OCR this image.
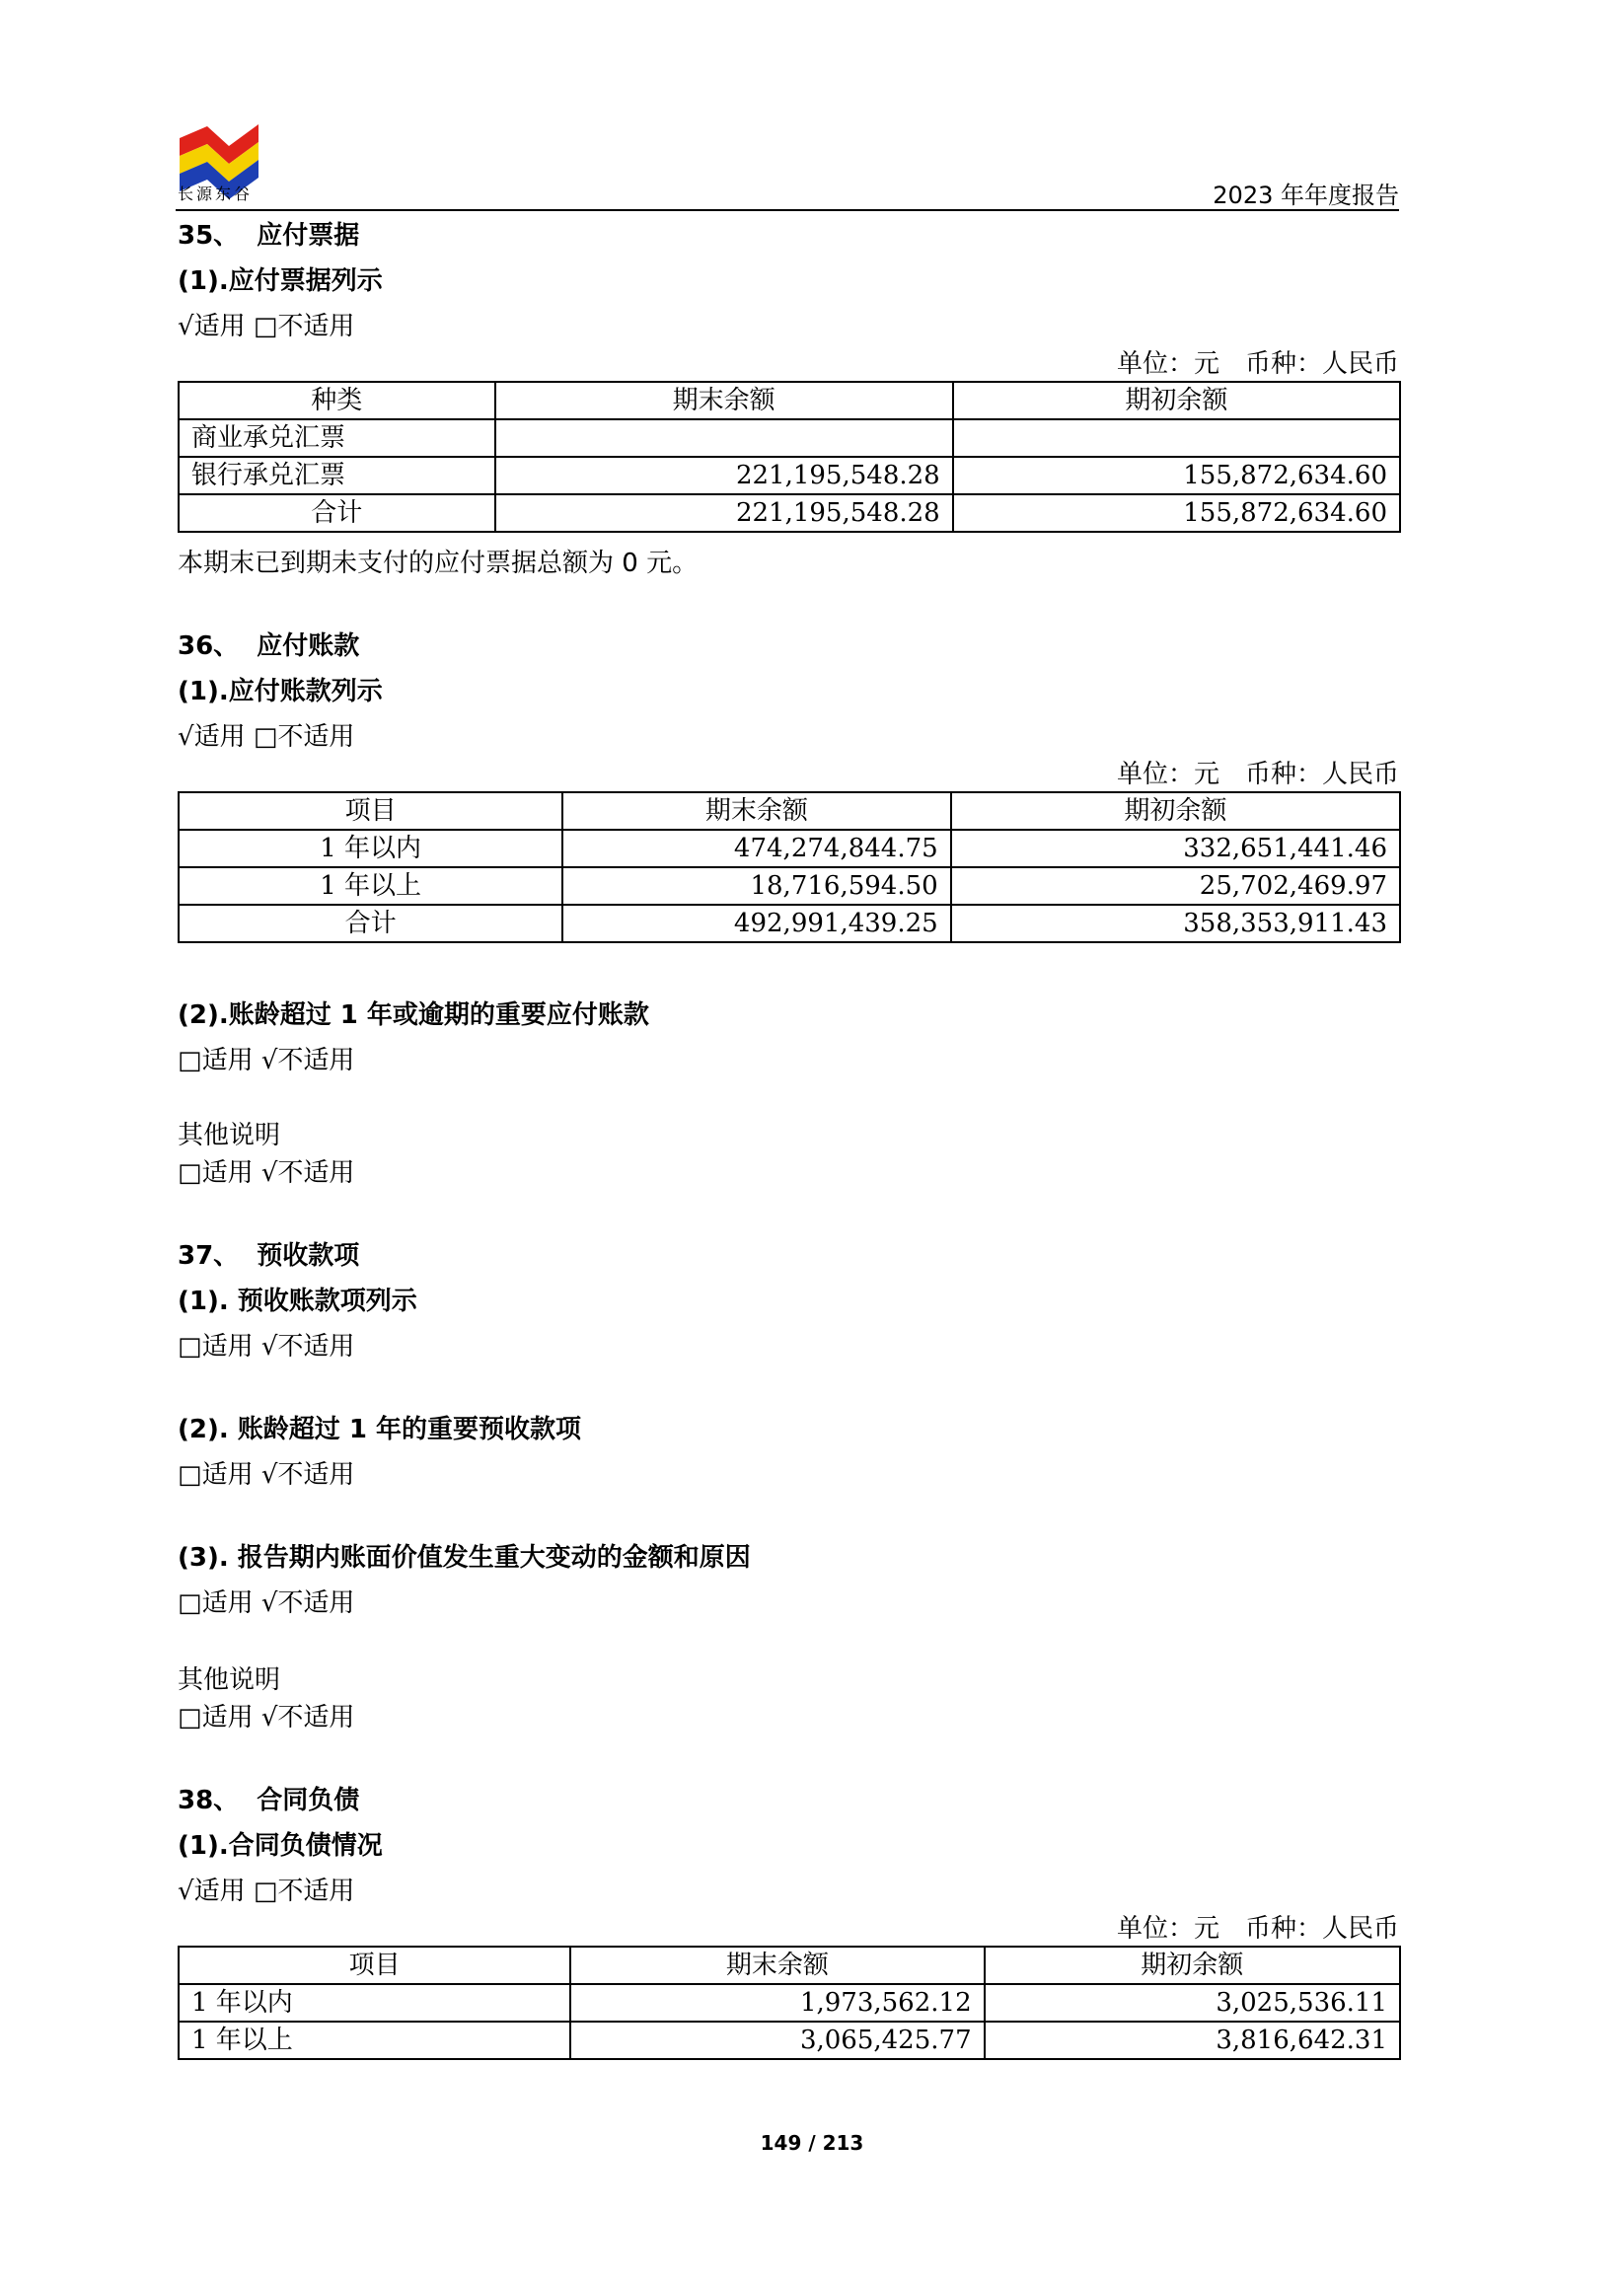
长源东谷	2023 年年度报告
35、 应付票据
(1).应付票据列示
√适用 □不适用
单位：元　币种：人民币
种类	期末余额	期初余额
商业承兑汇票		
银行承兑汇票	221,195,548.28	155,872,634.60
合计	221,195,548.28	155,872,634.60
本期末已到期未支付的应付票据总额为 0 元。
36、 应付账款
(1).应付账款列示
√适用 □不适用
单位：元　币种：人民币
项目	期末余额	期初余额
1 年以内	474,274,844.75	332,651,441.46
1 年以上	18,716,594.50	25,702,469.97
合计	492,991,439.25	358,353,911.43
(2).账龄超过 1 年或逾期的重要应付账款
□适用 √不适用
其他说明
□适用 √不适用
37、 预收款项
(1). 预收账款项列示
□适用 √不适用
(2). 账龄超过 1 年的重要预收款项
□适用 √不适用
(3). 报告期内账面价值发生重大变动的金额和原因
□适用 √不适用
其他说明
□适用 √不适用
38、 合同负债
(1).合同负债情况
√适用 □不适用
单位：元　币种：人民币
项目	期末余额	期初余额
1 年以内	1,973,562.12	3,025,536.11
1 年以上	3,065,425.77	3,816,642.31
149 / 213
